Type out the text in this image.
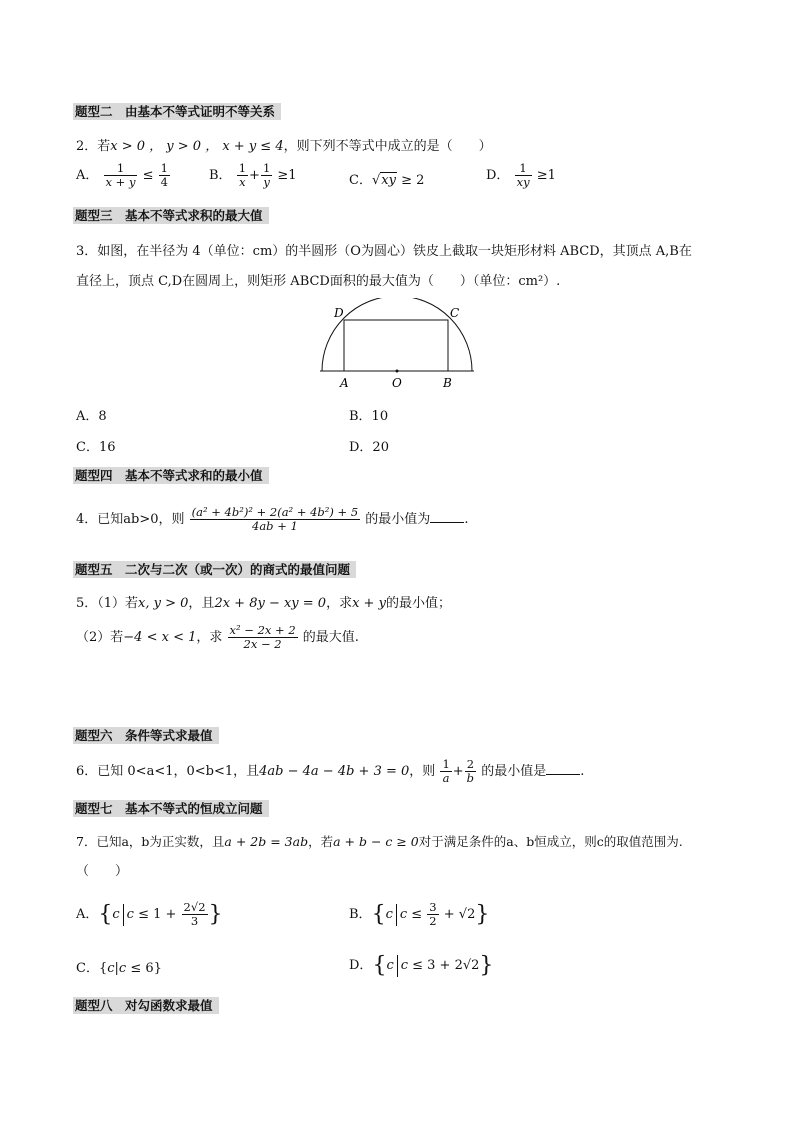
题型二　由基本不等式证明不等关系
2．若x > 0 ， y > 0 ， x + y ≤ 4，则下列不等式中成立的是（　　）
A． $\frac{1}{x + y} \le \frac{1}{4}$	B． $\frac{1}{x} + \frac{1}{y} \ge 1$	C．√xy ≥ 2	D． $\frac{1}{xy} \ge 1$
题型三　基本不等式求积的最大值
3．如图，在半径为 4（单位：cm）的半圆形（O为圆心）铁皮上截取一块矩形材料 ABCD，其顶点 A,B在
直径上，顶点 C,D在圆周上，则矩形 ABCD面积的最大值为（　　）（单位：cm²）.
D	C
A	O	B
A．8	B．10
C．16	D．20
题型四　基本不等式求和的最小值
4．已知ab>0，则 $\frac{\text{(a² + 4b²)² + 2(a² + 4b²) + 5}}{4ab + 1}$ 的最小值为	.
题型五　二次与二次（或一次）的商式的最值问题
5．（1）若x, y > 0，且2x + 8y − xy = 0，求x + y的最小值；
（2）若−4 < x < 1，求 $\frac{\text{x² − 2x + 2}}{2x - 2}$ 的最大值.
题型六　条件等式求最值
6．已知 0<a<1，0<b<1，且4ab − 4a − 4b + 3 = 0，则 $\frac{1}{a} + \frac{2}{b}$ 的最小值是	.
题型七　基本不等式的恒成立问题
7．已知a，b为正实数，且a + 2b = 3ab，若a + b − c ≥ 0对于满足条件的a、b恒成立，则c的取值范围为.
（　　）
A．{c $c \le 1 + \frac{2√2}{3}$ }	B．{c $c \le \frac{3}{2} + √2$}
C．{c|c ≤ 6}	D．{c c ≤ 3 + 2√2}
题型八　对勾函数求最值
